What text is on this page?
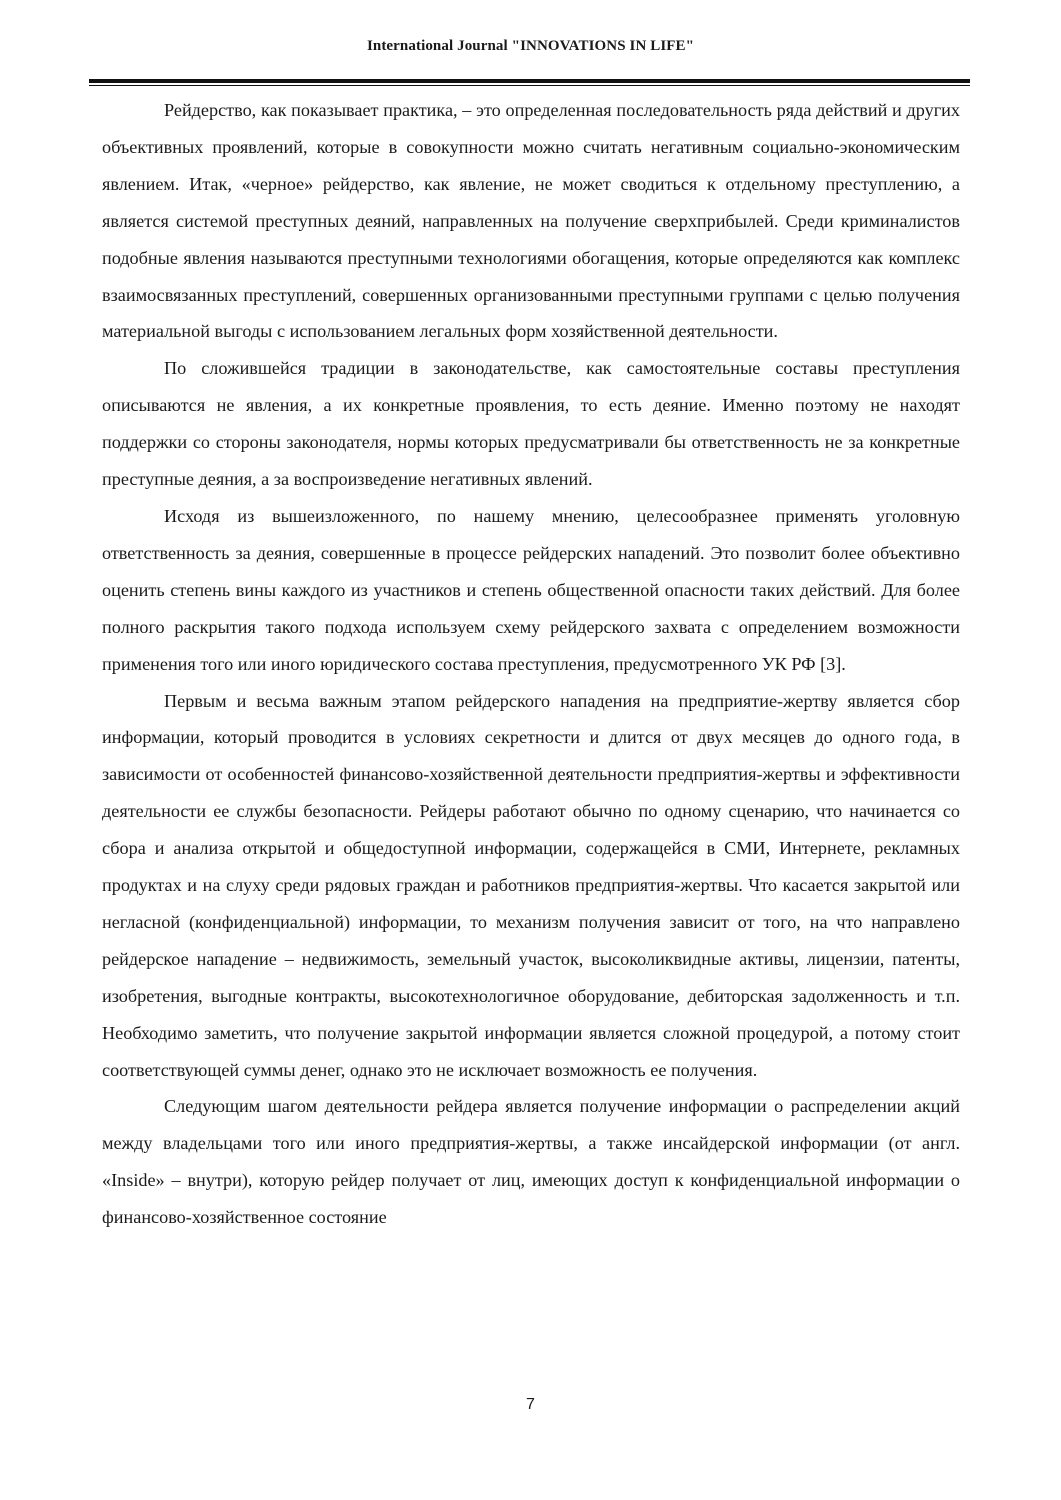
International Journal "INNOVATIONS IN LIFE"

Рейдерство, как показывает практика, – это определенная последовательность ряда действий и других объективных проявлений, которые в совокупности можно считать негативным социально-экономическим явлением. Итак, «черное» рейдерство, как явление, не может сводиться к отдельному преступлению, а является системой преступных деяний, направленных на получение сверхприбылей. Среди криминалистов подобные явления называются преступными технологиями обогащения, которые определяются как комплекс взаимосвязанных преступлений, совершенных организованными преступными группами с целью получения материальной выгоды с использованием легальных форм хозяйственной деятельности.

По сложившейся традиции в законодательстве, как самостоятельные составы преступления описываются не явления, а их конкретные проявления, то есть деяние. Именно поэтому не находят поддержки со стороны законодателя, нормы которых предусматривали бы ответственность не за конкретные преступные деяния, а за воспроизведение негативных явлений.

Исходя из вышеизложенного, по нашему мнению, целесообразнее применять уголовную ответственность за деяния, совершенные в процессе рейдерских нападений. Это позволит более объективно оценить степень вины каждого из участников и степень общественной опасности таких действий. Для более полного раскрытия такого подхода используем схему рейдерского захвата с определением возможности применения того или иного юридического состава преступления, предусмотренного УК РФ [3].

Первым и весьма важным этапом рейдерского нападения на предприятие-жертву является сбор информации, который проводится в условиях секретности и длится от двух месяцев до одного года, в зависимости от особенностей финансово-хозяйственной деятельности предприятия-жертвы и эффективности деятельности ее службы безопасности. Рейдеры работают обычно по одному сценарию, что начинается со сбора и анализа открытой и общедоступной информации, содержащейся в СМИ, Интернете, рекламных продуктах и на слуху среди рядовых граждан и работников предприятия-жертвы. Что касается закрытой или негласной (конфиденциальной) информации, то механизм получения зависит от того, на что направлено рейдерское нападение – недвижимость, земельный участок, высоколиквидные активы, лицензии, патенты, изобретения, выгодные контракты, высокотехнологичное оборудование, дебиторская задолженность и т.п. Необходимо заметить, что получение закрытой информации является сложной процедурой, а потому стоит соответствующей суммы денег, однако это не исключает возможность ее получения.

Следующим шагом деятельности рейдера является получение информации о распределении акций между владельцами того или иного предприятия-жертвы, а также инсайдерской информации (от англ. «Inside» – внутри), которую рейдер получает от лиц, имеющих доступ к конфиденциальной информации о финансово-хозяйственное состояние

7
